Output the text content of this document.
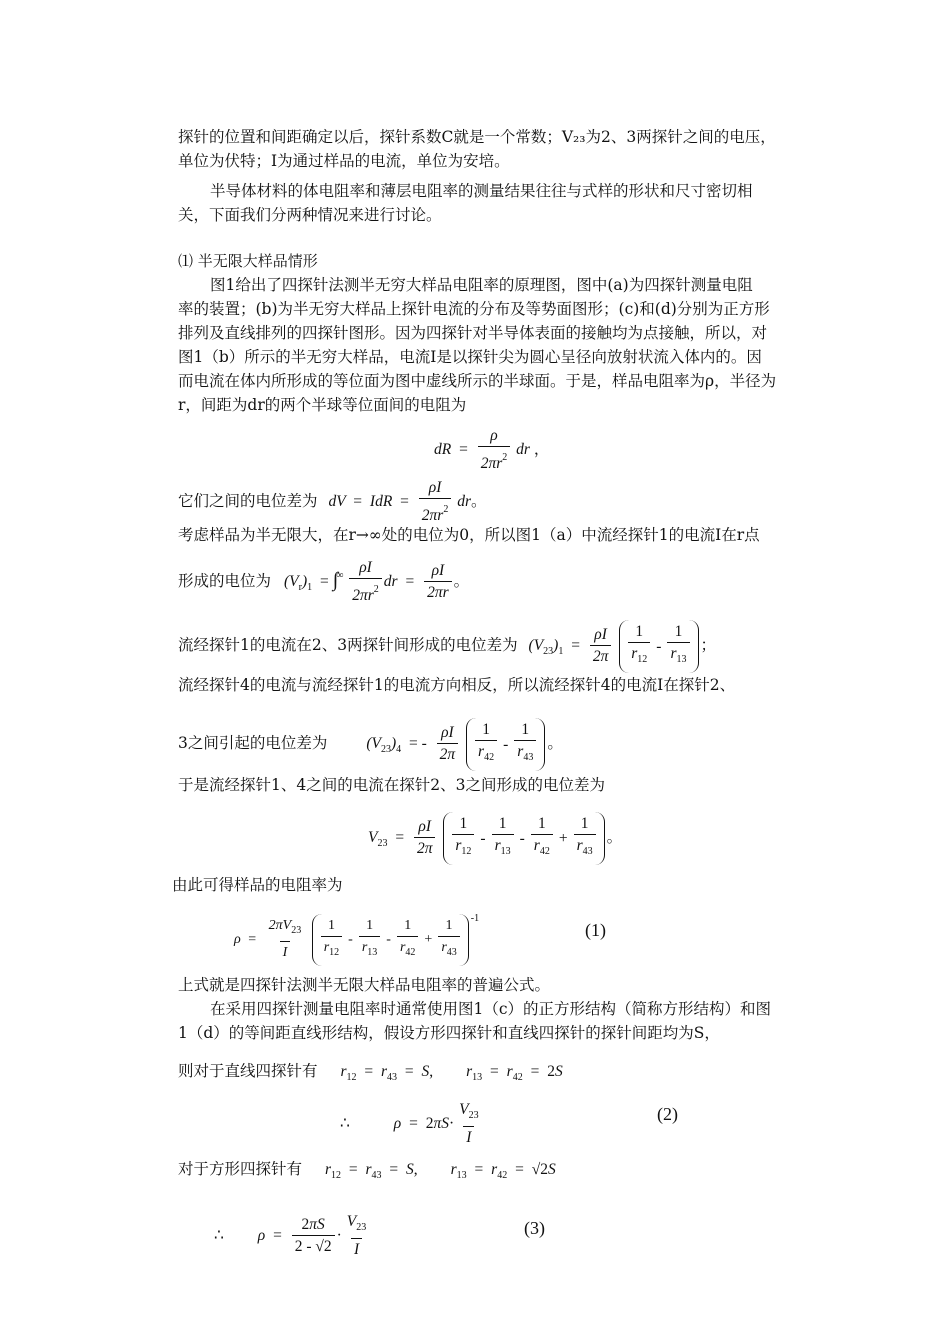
探针的位置和间距确定以后，探针系数C就是一个常数；V₂₃为2、3两探针之间的电压，
单位为伏特；I为通过样品的电流，单位为安培。
半导体材料的体电阻率和薄层电阻率的测量结果往往与式样的形状和尺寸密切相
关，下面我们分两种情况来进行讨论。
⑴ 半无限大样品情形
图1给出了四探针法测半无穷大样品电阻率的原理图，图中(a)为四探针测量电阻
率的装置；(b)为半无穷大样品上探针电流的分布及等势面图形；(c)和(d)分别为正方形
排列及直线排列的四探针图形。因为四探针对半导体表面的接触均为点接触，所以，对
图1（b）所示的半无穷大样品，电流I是以探针尖为圆心呈径向放射状流入体内的。因
而电流在体内所形成的等位面为图中虚线所示的半球面。于是，样品电阻率为ρ，半径为
r，间距为dr的两个半球等位面间的电阻为
dR = $\frac{\rho}{2\pi r^2}$ dr ，
它们之间的电位差为 dV = IdR = $\frac{\rho I}{2\pi r^2}$ dr。
考虑样品为半无限大，在r→∞处的电位为0，所以图1（a）中流经探针1的电流I在r点
形成的电位为 $(V_r)_1 = \int^\infty \frac{\rho I}{2\pi r^2}$ dr = $\frac{\rho I}{2\pi r}$ 。
流经探针1的电流在2、3两探针间形成的电位差为 $(V_{23})_1 = \frac{\rho I}{2\pi}$
$\frac{1}{r_{12}} - \frac{1}{r_{13}}$ ；
流经探针4的电流与流经探针1的电流方向相反，所以流经探针4的电流I在探针2、
3之间引起的电位差为	$(V_{23})_4$ = - $\frac{\rho I}{2\pi}$
$\frac{1}{r_{42}} - \frac{1}{r_{43}}$ 。
于是流经探针1、4之间的电流在探针2、3之间形成的电位差为
$V_{23} = \frac{\rho I}{2\pi}$
$\frac{1}{r_{12}} - \frac{1}{r_{13}} - \frac{1}{r_{42}} + \frac{1}{r_{43}}$ 。
由此可得样品的电阻率为
$\rho = \frac{2\pi V_{23}}{I}$
$\frac{1}{r_{12}} - \frac{1}{r_{13}} - \frac{1}{r_{42}} + \frac{1}{r_{43}} ^{-1}$
(1)
上式就是四探针法测半无限大样品电阻率的普遍公式。
在采用四探针测量电阻率时通常使用图1（c）的正方形结构（简称方形结构）和图
1（d）的等间距直线形结构，假设方形四探针和直线四探针的探针间距均为S，
则对于直线四探针有 $r_{12} = r_{43} = S$, $r_{13} = r_{42} = 2S$
∴	$\rho = 2\pi S\cdot \frac{V_{23}}{I}$	(2)
对于方形四探针有 $r_{12} = r_{43} = S$, $r_{13} = r_{42} = √2S$
∴ $\rho = \frac{2\pi S}{2 - √2} \cdot \frac{V_{23}}{I}$	(3)
